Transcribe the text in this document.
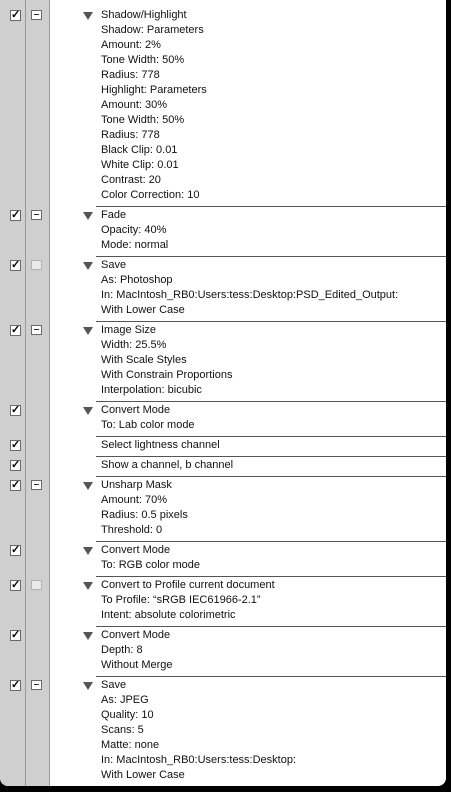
✓	Shadow/Highlight
Shadow: Parameters
Amount: 2%
Tone Width: 50%
Radius: 778
Highlight: Parameters
Amount: 30%
Tone Width: 50%
Radius: 778
Black Clip: 0.01
White Clip: 0.01
Contrast: 20
Color Correction: 10
✓	Fade
Opacity: 40%
Mode: normal
✓	Save
As: Photoshop
In: MacIntosh_RB0:Users:tess:Desktop:PSD_Edited_Output:
With Lower Case
✓	Image Size
Width: 25.5%
With Scale Styles
With Constrain Proportions
Interpolation: bicubic
✓	Convert Mode
To: Lab color mode
✓	Select lightness channel
✓	Show a channel, b channel
✓	Unsharp Mask
Amount: 70%
Radius: 0.5 pixels
Threshold: 0
✓	Convert Mode
To: RGB color mode
✓	Convert to Profile current document
To Profile: “sRGB IEC61966-2.1”
Intent: absolute colorimetric
✓	Convert Mode
Depth: 8
Without Merge
✓	Save
As: JPEG
Quality: 10
Scans: 5
Matte: none
In: MacIntosh_RB0:Users:tess:Desktop:
With Lower Case
